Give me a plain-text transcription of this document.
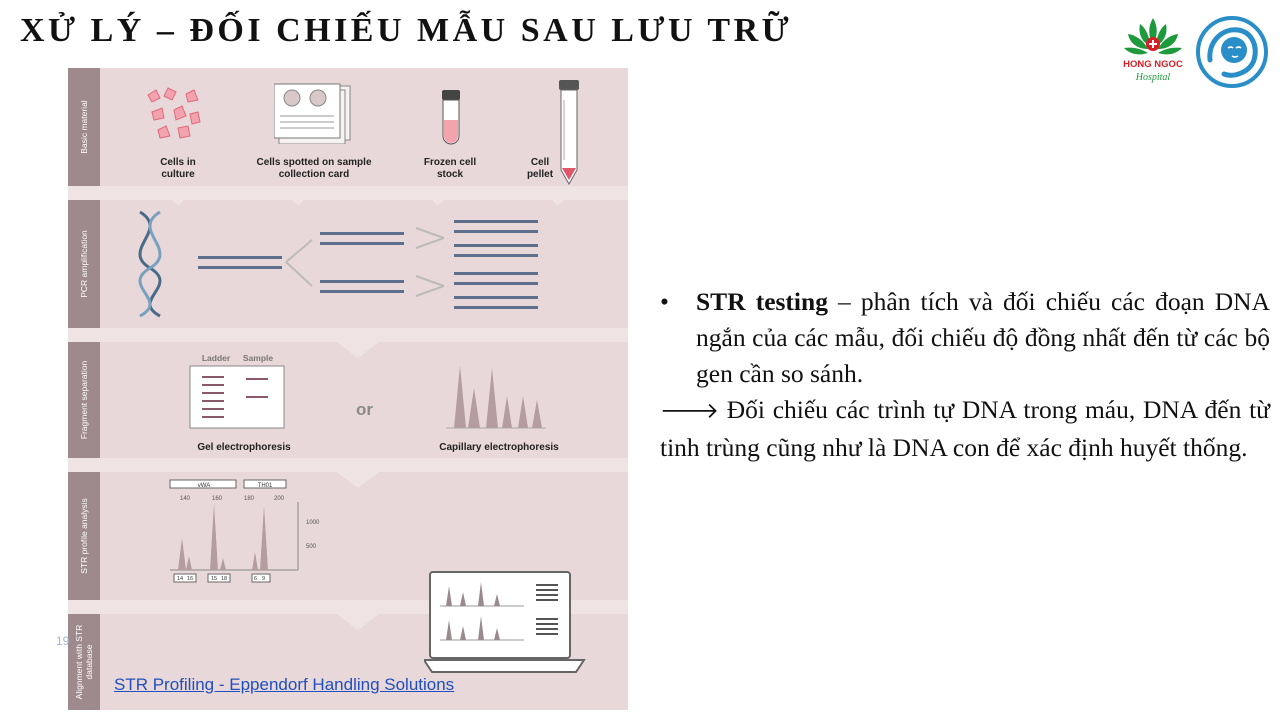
XỬ LÝ – ĐỐI CHIẾU MẪU SAU LƯU TRỮ
HONG NGOC
Hospital
Basic material
PCR amplification
Fragment separation
STR profile analysis
Alignment with STR database
Cells in culture
Cells spotted on sample collection card
Frozen cell stock
Cell pellet
Ladder	Sample
Gel electrophoresis
or
Capillary electrophoresis
vWA	TH01
140	160	180	200
1000
500
14 16	15 18	6 9
19
STR Profiling - Eppendorf Handling Solutions
• STR testing – phân tích và đối chiếu các đoạn DNA ngắn của các mẫu, đối chiếu độ đồng nhất đến từ các bộ gen cần so sánh.
🡒 Đối chiếu các trình tự DNA trong máu, DNA đến từ tinh trùng cũng như là DNA con để xác định huyết thống.
